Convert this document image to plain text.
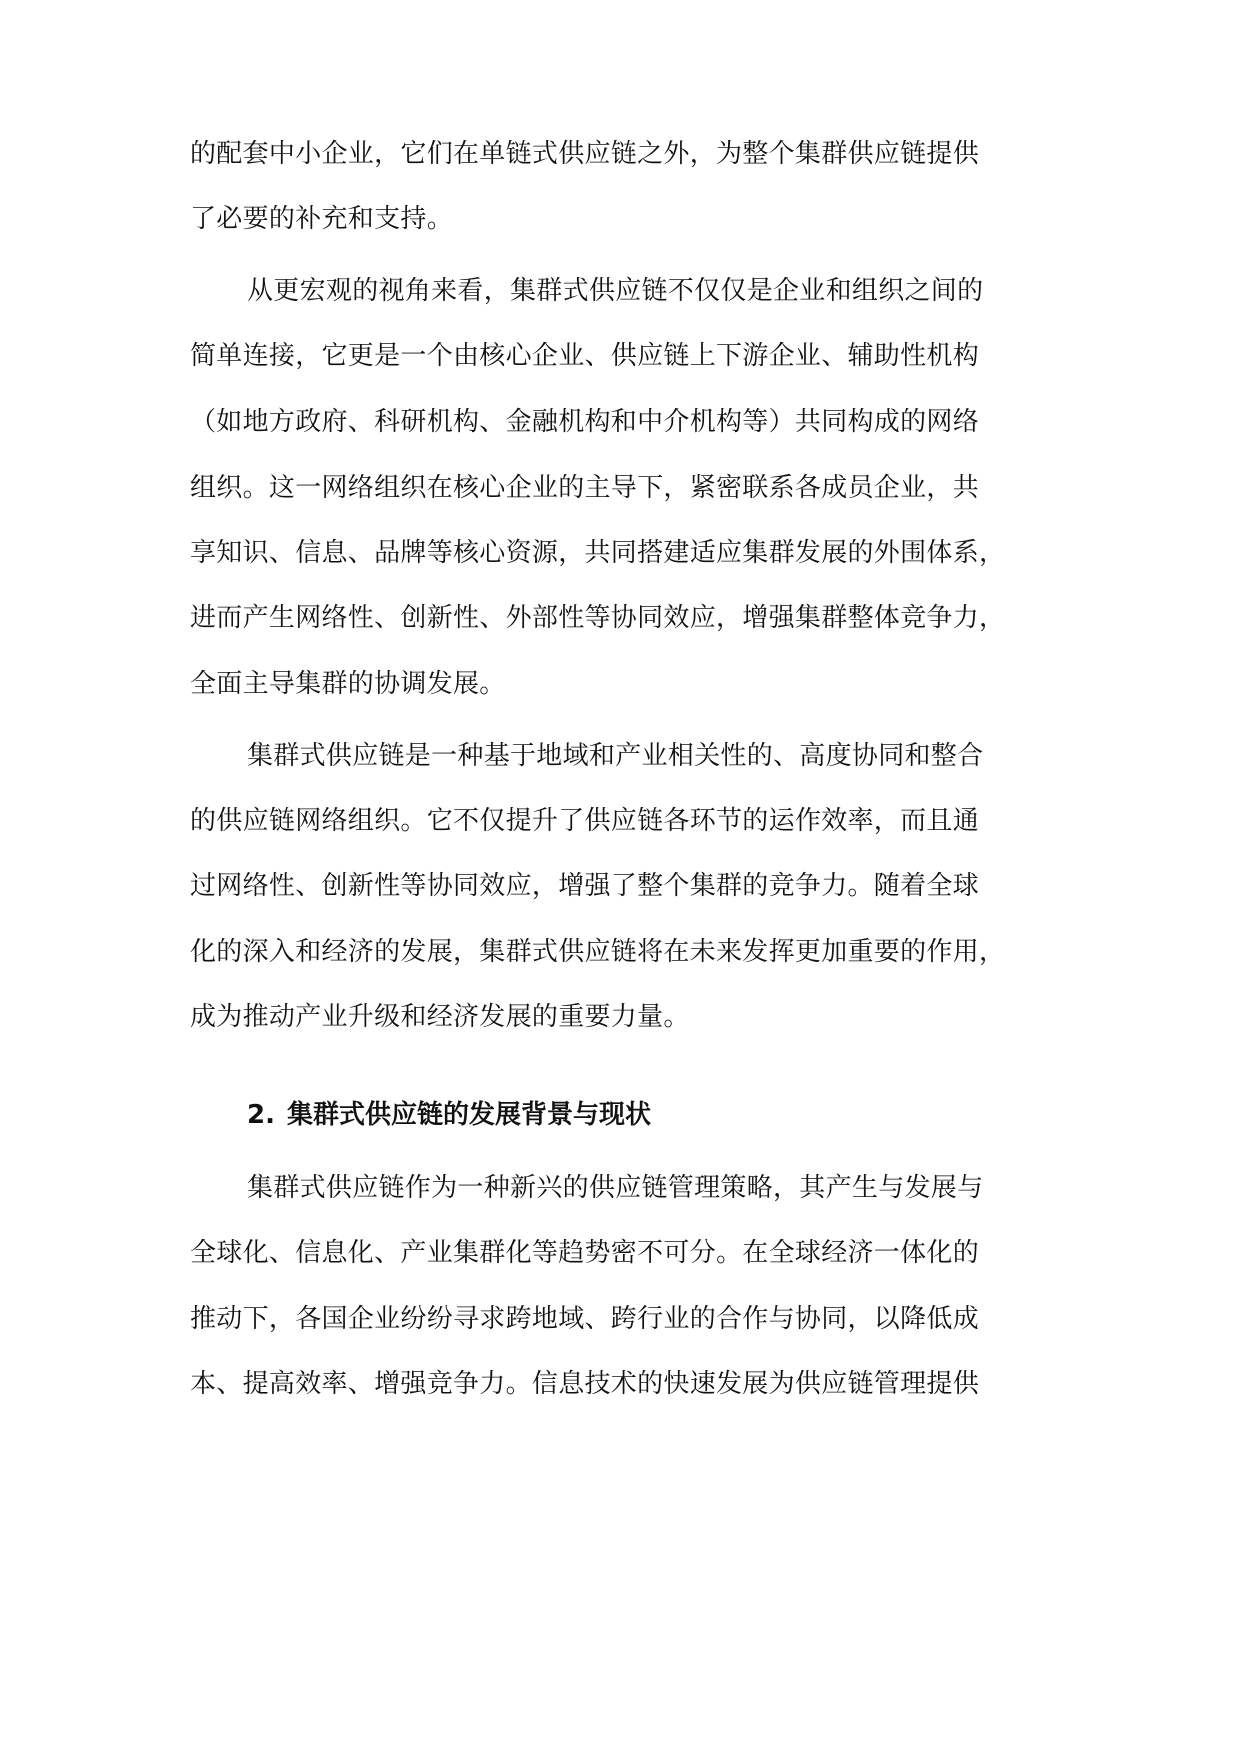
的配套中小企业，它们在单链式供应链之外，为整个集群供应链提供
了必要的补充和支持。
从更宏观的视角来看，集群式供应链不仅仅是企业和组织之间的
简单连接，它更是一个由核心企业、供应链上下游企业、辅助性机构
（如地方政府、科研机构、金融机构和中介机构等）共同构成的网络
组织。这一网络组织在核心企业的主导下，紧密联系各成员企业，共
享知识、信息、品牌等核心资源，共同搭建适应集群发展的外围体系，
进而产生网络性、创新性、外部性等协同效应，增强集群整体竞争力，
全面主导集群的协调发展。
集群式供应链是一种基于地域和产业相关性的、高度协同和整合
的供应链网络组织。它不仅提升了供应链各环节的运作效率，而且通
过网络性、创新性等协同效应，增强了整个集群的竞争力。随着全球
化的深入和经济的发展，集群式供应链将在未来发挥更加重要的作用，
成为推动产业升级和经济发展的重要力量。
2. 集群式供应链的发展背景与现状
集群式供应链作为一种新兴的供应链管理策略，其产生与发展与
全球化、信息化、产业集群化等趋势密不可分。在全球经济一体化的
推动下，各国企业纷纷寻求跨地域、跨行业的合作与协同，以降低成
本、提高效率、增强竞争力。信息技术的快速发展为供应链管理提供
